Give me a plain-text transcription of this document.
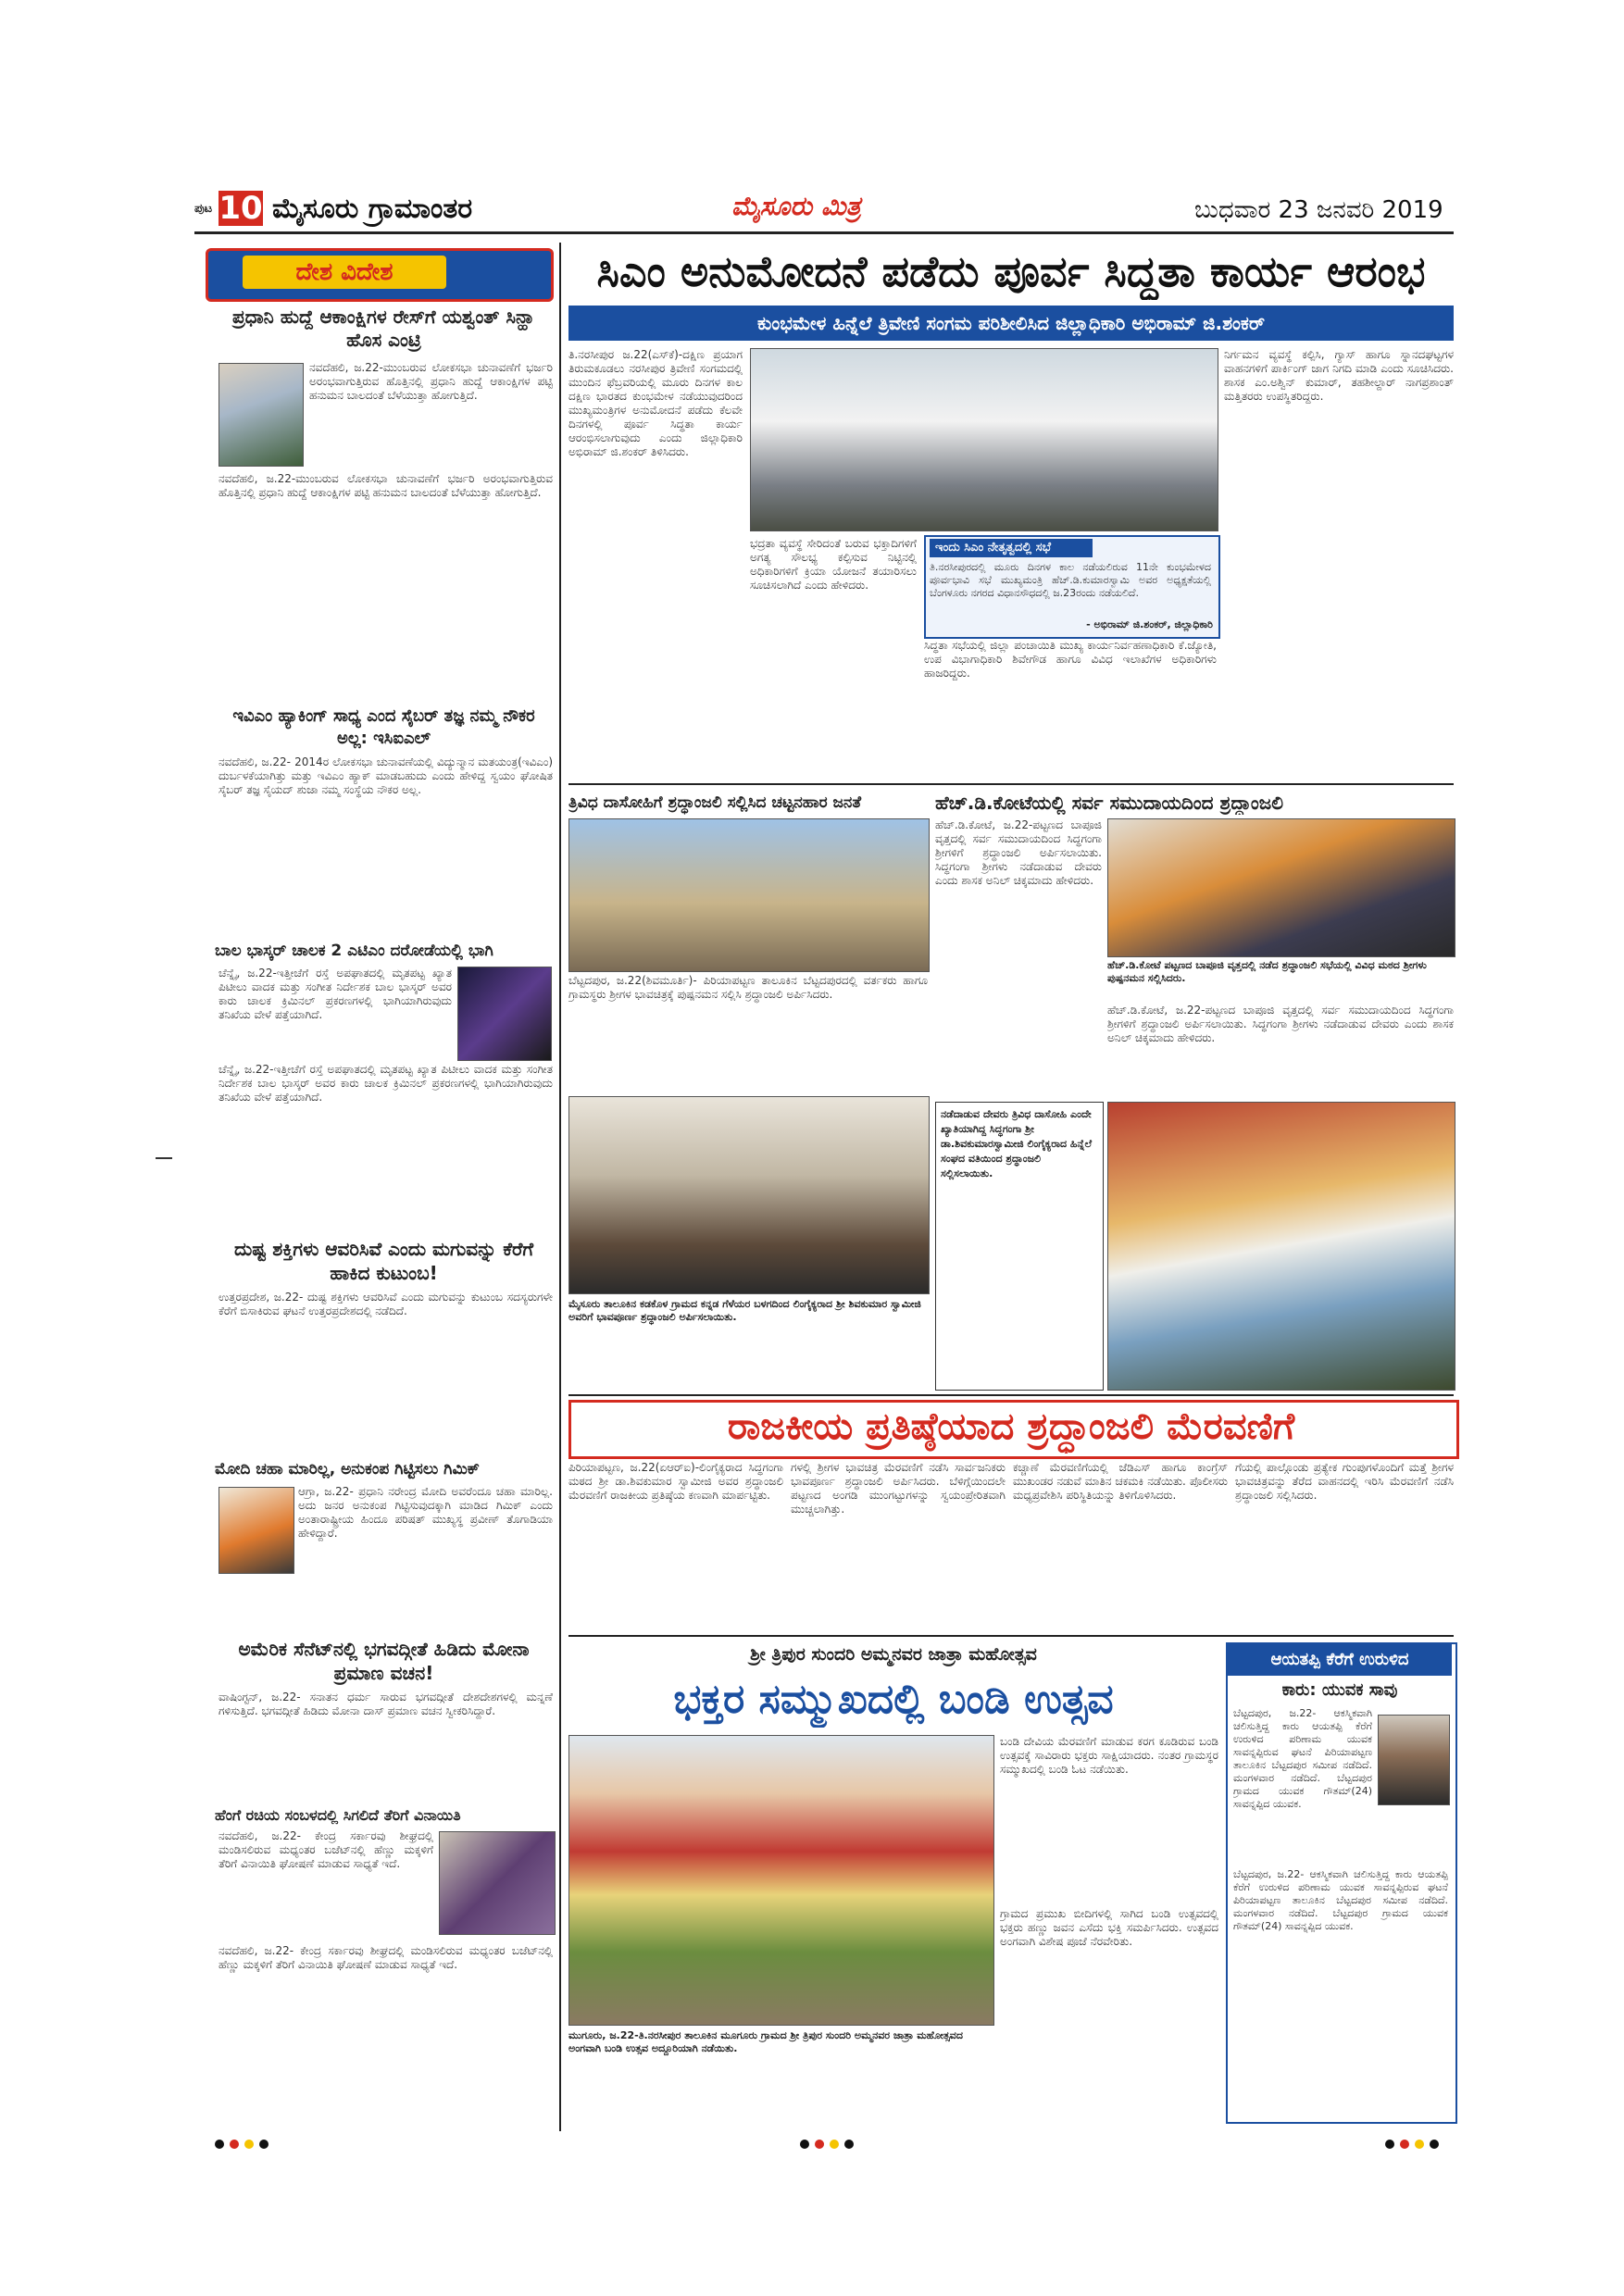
ಪುಟ 10 ಮೈಸೂರು ಗ್ರಾಮಾಂತರ	ಮೈಸೂರು ಮಿತ್ರ	ಬುಧವಾರ 23 ಜನವರಿ 2019
ದೇಶ ವಿದೇಶ
ಪ್ರಧಾನಿ ಹುದ್ದೆ ಆಕಾಂಕ್ಷಿಗಳ ರೇಸ್‌ಗೆ ಯಶ್ವಂತ್ ಸಿನ್ಹಾ ಹೊಸ ಎಂಟ್ರಿ
ನವದೆಹಲಿ, ಜ.22-ಮುಂಬರುವ ಲೋಕಸಭಾ ಚುನಾವಣೆಗೆ ಭರ್ಜರಿ ಅರಂಭವಾಗುತ್ತಿರುವ ಹೊತ್ತಿನಲ್ಲಿ ಪ್ರಧಾನಿ ಹುದ್ದೆ ಆಕಾಂಕ್ಷಿಗಳ ಪಟ್ಟಿ ಹನುಮನ ಬಾಲದಂತೆ ಬೆಳೆಯುತ್ತಾ ಹೋಗುತ್ತಿದೆ.
ನವದೆಹಲಿ, ಜ.22-ಮುಂಬರುವ ಲೋಕಸಭಾ ಚುನಾವಣೆಗೆ ಭರ್ಜರಿ ಅರಂಭವಾಗುತ್ತಿರುವ ಹೊತ್ತಿನಲ್ಲಿ ಪ್ರಧಾನಿ ಹುದ್ದೆ ಆಕಾಂಕ್ಷಿಗಳ ಪಟ್ಟಿ ಹನುಮನ ಬಾಲದಂತೆ ಬೆಳೆಯುತ್ತಾ ಹೋಗುತ್ತಿದೆ.
ಇವಿಎಂ ಹ್ಯಾಕಿಂಗ್ ಸಾಧ್ಯ ಎಂದ ಸೈಬರ್ ತಜ್ಞ ನಮ್ಮ ನೌಕರ ಅಲ್ಲ: ಇಸಿಐಎಲ್
ನವದೆಹಲಿ, ಜ.22- 2014ರ ಲೋಕಸಭಾ ಚುನಾವಣೆಯಲ್ಲಿ ವಿದ್ಯುನ್ಮಾನ ಮತಯಂತ್ರ(ಇವಿಎಂ) ದುರ್ಬಳಕೆಯಾಗಿತ್ತು ಮತ್ತು ಇವಿಎಂ ಹ್ಯಾಕ್ ಮಾಡಬಹುದು ಎಂದು ಹೇಳಿದ್ದ ಸ್ವಯಂ ಘೋಷಿತ ಸೈಬರ್ ತಜ್ಞ ಸೈಯದ್ ಶುಜಾ ನಮ್ಮ ಸಂಸ್ಥೆಯ ನೌಕರ ಅಲ್ಲ.
ಬಾಲ ಭಾಸ್ಕರ್ ಚಾಲಕ 2 ಎಟಿಎಂ ದರೋಡೆಯಲ್ಲಿ ಭಾಗಿ
ಚೆನ್ನೈ, ಜ.22-ಇತ್ತೀಚೆಗೆ ರಸ್ತೆ ಅಪಘಾತದಲ್ಲಿ ಮೃತಪಟ್ಟ ಖ್ಯಾತ ಪಿಟೀಲು ವಾದಕ ಮತ್ತು ಸಂಗೀತ ನಿರ್ದೇಶಕ ಬಾಲ ಭಾಸ್ಕರ್ ಅವರ ಕಾರು ಚಾಲಕ ಕ್ರಿಮಿನಲ್ ಪ್ರಕರಣಗಳಲ್ಲಿ ಭಾಗಿಯಾಗಿರುವುದು ತನಿಖೆಯ ವೇಳೆ ಪತ್ತೆಯಾಗಿದೆ.
ಚೆನ್ನೈ, ಜ.22-ಇತ್ತೀಚೆಗೆ ರಸ್ತೆ ಅಪಘಾತದಲ್ಲಿ ಮೃತಪಟ್ಟ ಖ್ಯಾತ ಪಿಟೀಲು ವಾದಕ ಮತ್ತು ಸಂಗೀತ ನಿರ್ದೇಶಕ ಬಾಲ ಭಾಸ್ಕರ್ ಅವರ ಕಾರು ಚಾಲಕ ಕ್ರಿಮಿನಲ್ ಪ್ರಕರಣಗಳಲ್ಲಿ ಭಾಗಿಯಾಗಿರುವುದು ತನಿಖೆಯ ವೇಳೆ ಪತ್ತೆಯಾಗಿದೆ.
ದುಷ್ಟ ಶಕ್ತಿಗಳು ಆವರಿಸಿವೆ ಎಂದು ಮಗುವನ್ನು ಕೆರೆಗೆ ಹಾಕಿದ ಕುಟುಂಬ!
ಉತ್ತರಪ್ರದೇಶ, ಜ.22- ದುಷ್ಟ ಶಕ್ತಿಗಳು ಆವರಿಸಿವೆ ಎಂದು ಮಗುವನ್ನು ಕುಟುಂಬ ಸದಸ್ಯರುಗಳೇ ಕೆರೆಗೆ ಬಿಸಾಕಿರುವ ಘಟನೆ ಉತ್ತರಪ್ರದೇಶದಲ್ಲಿ ನಡೆದಿದೆ.
ಮೋದಿ ಚಹಾ ಮಾರಿಲ್ಲ, ಅನುಕಂಪ ಗಿಟ್ಟಿಸಲು ಗಿಮಿಕ್
ಆಗ್ರಾ, ಜ.22- ಪ್ರಧಾನಿ ನರೇಂದ್ರ ಮೋದಿ ಅವರೆಂದೂ ಚಹಾ ಮಾರಿಲ್ಲ. ಅದು ಜನರ ಅನುಕಂಪ ಗಿಟ್ಟಿಸುವುದಕ್ಕಾಗಿ ಮಾಡಿದ ಗಿಮಿಕ್ ಎಂದು ಅಂತಾರಾಷ್ಟ್ರೀಯ ಹಿಂದೂ ಪರಿಷತ್ ಮುಖ್ಯಸ್ಥ ಪ್ರವೀಣ್ ತೊಗಾಡಿಯಾ ಹೇಳಿದ್ದಾರೆ.
ಅಮೆರಿಕ ಸೆನೆಟ್‌ನಲ್ಲಿ ಭಗವದ್ಗೀತೆ ಹಿಡಿದು ಮೋನಾ ಪ್ರಮಾಣ ವಚನ!
ವಾಷಿಂಗ್ಟನ್, ಜ.22- ಸನಾತನ ಧರ್ಮ ಸಾರುವ ಭಗವದ್ಗೀತೆ ದೇಶದೇಶಗಳಲ್ಲಿ ಮನ್ನಣೆ ಗಳಿಸುತ್ತಿದೆ. ಭಗವದ್ಗೀತೆ ಹಿಡಿದು ಮೋನಾ ದಾಸ್ ಪ್ರಮಾಣ ವಚನ ಸ್ವೀಕರಿಸಿದ್ದಾರೆ.
ಹೆಂಗೆ ರಚಿಯ ಸಂಬಳದಲ್ಲಿ ಸಿಗಲಿದೆ ತೆರಿಗೆ ವಿನಾಯಿತಿ
ನವದೆಹಲಿ, ಜ.22- ಕೇಂದ್ರ ಸರ್ಕಾರವು ಶೀಘ್ರದಲ್ಲಿ ಮಂಡಿಸಲಿರುವ ಮಧ್ಯಂತರ ಬಜೆಟ್‌ನಲ್ಲಿ ಹೆಣ್ಣು ಮಕ್ಕಳಿಗೆ ತೆರಿಗೆ ವಿನಾಯಿತಿ ಘೋಷಣೆ ಮಾಡುವ ಸಾಧ್ಯತೆ ಇದೆ.
ನವದೆಹಲಿ, ಜ.22- ಕೇಂದ್ರ ಸರ್ಕಾರವು ಶೀಘ್ರದಲ್ಲಿ ಮಂಡಿಸಲಿರುವ ಮಧ್ಯಂತರ ಬಜೆಟ್‌ನಲ್ಲಿ ಹೆಣ್ಣು ಮಕ್ಕಳಿಗೆ ತೆರಿಗೆ ವಿನಾಯಿತಿ ಘೋಷಣೆ ಮಾಡುವ ಸಾಧ್ಯತೆ ಇದೆ.
ಸಿಎಂ ಅನುಮೋದನೆ ಪಡೆದು ಪೂರ್ವ ಸಿದ್ಧತಾ ಕಾರ್ಯ ಆರಂಭ
ಕುಂಭಮೇಳ ಹಿನ್ನೆಲೆ ತ್ರಿವೇಣಿ ಸಂಗಮ ಪರಿಶೀಲಿಸಿದ ಜಿಲ್ಲಾಧಿಕಾರಿ ಅಭಿರಾಮ್ ಜಿ.ಶಂಕರ್
ತಿ.ನರಸೀಪುರ ಜ.22(ಎಸ್‌ಕೆ)-ದಕ್ಷಿಣ ಪ್ರಯಾಗ ತಿರುಮಕೂಡಲು ನರಸೀಪುರ ತ್ರಿವೇಣಿ ಸಂಗಮದಲ್ಲಿ ಮುಂದಿನ ಫೆಬ್ರವರಿಯಲ್ಲಿ ಮೂರು ದಿನಗಳ ಕಾಲ ದಕ್ಷಿಣ ಭಾರತದ ಕುಂಭಮೇಳ ನಡೆಯುವುದರಿಂದ ಮುಖ್ಯಮಂತ್ರಿಗಳ ಅನುಮೋದನೆ ಪಡೆದು ಕೆಲವೇ ದಿನಗಳಲ್ಲಿ ಪೂರ್ವ ಸಿದ್ಧತಾ ಕಾರ್ಯ ಆರಂಭಿಸಲಾಗುವುದು ಎಂದು ಜಿಲ್ಲಾಧಿಕಾರಿ ಅಭಿರಾಮ್ ಜಿ.ಶಂಕರ್ ತಿಳಿಸಿದರು.
ಭದ್ರತಾ ವ್ಯವಸ್ಥೆ ಸೇರಿದಂತೆ ಬರುವ ಭಕ್ತಾದಿಗಳಿಗೆ ಅಗತ್ಯ ಸೌಲಭ್ಯ ಕಲ್ಪಿಸುವ ನಿಟ್ಟಿನಲ್ಲಿ ಅಧಿಕಾರಿಗಳಿಗೆ ಕ್ರಿಯಾ ಯೋಜನೆ ತಯಾರಿಸಲು ಸೂಚಿಸಲಾಗಿದೆ ಎಂದು ಹೇಳಿದರು.
ಸಿದ್ಧತಾ ಸಭೆಯಲ್ಲಿ ಜಿಲ್ಲಾ ಪಂಚಾಯಿತಿ ಮುಖ್ಯ ಕಾರ್ಯನಿರ್ವಹಣಾಧಿಕಾರಿ ಕೆ.ಜ್ಯೋತಿ, ಉಪ ವಿಭಾಗಾಧಿಕಾರಿ ಶಿವೇಗೌಡ ಹಾಗೂ ವಿವಿಧ ಇಲಾಖೆಗಳ ಅಧಿಕಾರಿಗಳು ಹಾಜರಿದ್ದರು.
ಇಂದು ಸಿಎಂ ನೇತೃತ್ವದಲ್ಲಿ ಸಭೆ
ತಿ.ನರಸೀಪುರದಲ್ಲಿ ಮೂರು ದಿನಗಳ ಕಾಲ ನಡೆಯಲಿರುವ 11ನೇ ಕುಂಭಮೇಳದ ಪೂರ್ವಭಾವಿ ಸಭೆ ಮುಖ್ಯಮಂತ್ರಿ ಹೆಚ್.ಡಿ.ಕುಮಾರಸ್ವಾಮಿ ಅವರ ಅಧ್ಯಕ್ಷತೆಯಲ್ಲಿ ಬೆಂಗಳೂರು ನಗರದ ವಿಧಾನಸೌಧದಲ್ಲಿ ಜ.23ರಂದು ನಡೆಯಲಿದೆ.
- ಅಭಿರಾಮ್ ಜಿ.ಶಂಕರ್, ಜಿಲ್ಲಾಧಿಕಾರಿ
ನಿರ್ಗಮನ ವ್ಯವಸ್ಥೆ ಕಲ್ಪಿಸಿ, ಗ್ಯಾಸ್‌ ಹಾಗೂ ಸ್ನಾನದಘಟ್ಟಗಳ ವಾಹನಗಳಿಗೆ ಪಾರ್ಕಿಂಗ್ ಜಾಗ ನಿಗದಿ ಮಾಡಿ ಎಂದು ಸೂಚಿಸಿದರು. ಶಾಸಕ ಎಂ.ಅಶ್ವಿನ್ ಕುಮಾರ್, ತಹಶೀಲ್ದಾರ್ ನಾಗಪ್ರಶಾಂತ್ ಮತ್ತಿತರರು ಉಪಸ್ಥಿತರಿದ್ದರು.
ತ್ರಿವಿಧ ದಾಸೋಹಿಗೆ ಶ್ರದ್ಧಾಂಜಲಿ ಸಲ್ಲಿಸಿದ ಚಟ್ಟನಹಾರ ಜನತೆ
ಬೆಟ್ಟದಪುರ, ಜ.22(ಶಿವಮೂರ್ತಿ)- ಪಿರಿಯಾಪಟ್ಟಣ ತಾಲೂಕಿನ ಬೆಟ್ಟದಪುರದಲ್ಲಿ ವರ್ತಕರು ಹಾಗೂ ಗ್ರಾಮಸ್ಥರು ಶ್ರೀಗಳ ಭಾವಚಿತ್ರಕ್ಕೆ ಪುಷ್ಪನಮನ ಸಲ್ಲಿಸಿ ಶ್ರದ್ಧಾಂಜಲಿ ಅರ್ಪಿಸಿದರು.
ಮೈಸೂರು ತಾಲೂಕಿನ ಕಡಕೊಳ ಗ್ರಾಮದ ಕನ್ನಡ ಗೆಳೆಯರ ಬಳಗದಿಂದ ಲಿಂಗೈಕ್ಯರಾದ ಶ್ರೀ ಶಿವಕುಮಾರ ಸ್ವಾಮೀಜಿ ಅವರಿಗೆ ಭಾವಪೂರ್ಣ ಶ್ರದ್ಧಾಂಜಲಿ ಅರ್ಪಿಸಲಾಯಿತು.
ಹೆಚ್.ಡಿ.ಕೋಟೆಯಲ್ಲಿ ಸರ್ವ ಸಮುದಾಯದಿಂದ ಶ್ರದ್ಧಾಂಜಲಿ
ಹೆಚ್.ಡಿ.ಕೋಟೆ, ಜ.22-ಪಟ್ಟಣದ ಬಾಪೂಜಿ ವೃತ್ತದಲ್ಲಿ ಸರ್ವ ಸಮುದಾಯದಿಂದ ಸಿದ್ಧಗಂಗಾ ಶ್ರೀಗಳಿಗೆ ಶ್ರದ್ಧಾಂಜಲಿ ಅರ್ಪಿಸಲಾಯಿತು. ಸಿದ್ಧಗಂಗಾ ಶ್ರೀಗಳು ನಡೆದಾಡುವ ದೇವರು ಎಂದು ಶಾಸಕ ಅನಿಲ್ ಚಿಕ್ಕಮಾದು ಹೇಳಿದರು.
ಹೆಚ್.ಡಿ.ಕೋಟೆ ಪಟ್ಟಣದ ಬಾಪೂಜಿ ವೃತ್ತದಲ್ಲಿ ನಡೆದ ಶ್ರದ್ಧಾಂಜಲಿ ಸಭೆಯಲ್ಲಿ ವಿವಿಧ ಮಠದ ಶ್ರೀಗಳು ಪುಷ್ಪನಮನ ಸಲ್ಲಿಸಿದರು.
ಹೆಚ್.ಡಿ.ಕೋಟೆ, ಜ.22-ಪಟ್ಟಣದ ಬಾಪೂಜಿ ವೃತ್ತದಲ್ಲಿ ಸರ್ವ ಸಮುದಾಯದಿಂದ ಸಿದ್ಧಗಂಗಾ ಶ್ರೀಗಳಿಗೆ ಶ್ರದ್ಧಾಂಜಲಿ ಅರ್ಪಿಸಲಾಯಿತು. ಸಿದ್ಧಗಂಗಾ ಶ್ರೀಗಳು ನಡೆದಾಡುವ ದೇವರು ಎಂದು ಶಾಸಕ ಅನಿಲ್ ಚಿಕ್ಕಮಾದು ಹೇಳಿದರು.
ನಡೆದಾಡುವ ದೇವರು ತ್ರಿವಿಧ ದಾಸೋಹಿ ಎಂದೇ ಖ್ಯಾತಿಯಾಗಿದ್ದ ಸಿದ್ಧಗಂಗಾ ಶ್ರೀ ಡಾ.ಶಿವಕುಮಾರಸ್ವಾಮೀಜಿ ಲಿಂಗೈಕ್ಯರಾದ ಹಿನ್ನೆಲೆ ಸಂಘದ ವತಿಯಿಂದ ಶ್ರದ್ಧಾಂಜಲಿ ಸಲ್ಲಿಸಲಾಯಿತು.
ರಾಜಕೀಯ ಪ್ರತಿಷ್ಠೆಯಾದ ಶ್ರದ್ಧಾಂಜಲಿ ಮೆರವಣಿಗೆ
ಪಿರಿಯಾಪಟ್ಟಣ, ಜ.22(ಏಆರ್‌ಐ)-ಲಿಂಗೈಕ್ಯರಾದ ಸಿದ್ಧಗಂಗಾ ಮಠದ ಶ್ರೀ ಡಾ.ಶಿವಕುಮಾರ ಸ್ವಾಮೀಜಿ ಅವರ ಶ್ರದ್ಧಾಂಜಲಿ ಮೆರವಣಿಗೆ ರಾಜಕೀಯ ಪ್ರತಿಷ್ಠೆಯ ಕಣವಾಗಿ ಮಾರ್ಪಟ್ಟಿತು.
ಗಳಲ್ಲಿ ಶ್ರೀಗಳ ಭಾವಚಿತ್ರ ಮೆರವಣಿಗೆ ನಡೆಸಿ ಸಾರ್ವಜನಿಕರು ಭಾವಪೂರ್ಣ ಶ್ರದ್ಧಾಂಜಲಿ ಅರ್ಪಿಸಿದರು. ಬೆಳಿಗ್ಗೆಯಿಂದಲೇ ಪಟ್ಟಣದ ಅಂಗಡಿ ಮುಂಗಟ್ಟುಗಳನ್ನು ಸ್ವಯಂಪ್ರೇರಿತವಾಗಿ ಮುಚ್ಚಲಾಗಿತ್ತು.
ಕಚ್ಚಾಣೆ ಮೆರವಣಿಗೆಯಲ್ಲಿ ಜೆಡಿಎಸ್ ಹಾಗೂ ಕಾಂಗ್ರೆಸ್ ಮುಖಂಡರ ನಡುವೆ ಮಾತಿನ ಚಕಮಕಿ ನಡೆಯಿತು. ಪೊಲೀಸರು ಮಧ್ಯಪ್ರವೇಶಿಸಿ ಪರಿಸ್ಥಿತಿಯನ್ನು ತಿಳಿಗೊಳಿಸಿದರು.
ಗೆಯಲ್ಲಿ ಪಾಲ್ಗೊಂಡು ಪ್ರತ್ಯೇಕ ಗುಂಪುಗಳೊಂದಿಗೆ ಮತ್ತೆ ಶ್ರೀಗಳ ಭಾವಚಿತ್ರವನ್ನು ತೆರೆದ ವಾಹನದಲ್ಲಿ ಇರಿಸಿ ಮೆರವಣಿಗೆ ನಡೆಸಿ ಶ್ರದ್ಧಾಂಜಲಿ ಸಲ್ಲಿಸಿದರು.
ಶ್ರೀ ತ್ರಿಪುರ ಸುಂದರಿ ಅಮ್ಮನವರ ಜಾತ್ರಾ ಮಹೋತ್ಸವ
ಭಕ್ತರ ಸಮ್ಮುಖದಲ್ಲಿ ಬಂಡಿ ಉತ್ಸವ
ಮುಗೂರು, ಜ.22-ತಿ.ನರಸೀಪುರ ತಾಲೂಕಿನ ಮೂಗೂರು ಗ್ರಾಮದ ಶ್ರೀ ತ್ರಿಪುರ ಸುಂದರಿ ಅಮ್ಮನವರ ಜಾತ್ರಾ ಮಹೋತ್ಸವದ ಅಂಗವಾಗಿ ಬಂಡಿ ಉತ್ಸವ ಅದ್ದೂರಿಯಾಗಿ ನಡೆಯಿತು.
ಬಂಡಿ ದೇವಿಯ ಮೆರವಣಿಗೆ ಮಾಡುವ ಕರಗ ಕೂಡಿರುವ ಬಂಡಿ ಉತ್ಸವಕ್ಕೆ ಸಾವಿರಾರು ಭಕ್ತರು ಸಾಕ್ಷಿಯಾದರು. ನಂತರ ಗ್ರಾಮಸ್ಥರ ಸಮ್ಮುಖದಲ್ಲಿ ಬಂಡಿ ಓಟ ನಡೆಯಿತು.
ಗ್ರಾಮದ ಪ್ರಮುಖ ಬೀದಿಗಳಲ್ಲಿ ಸಾಗಿದ ಬಂಡಿ ಉತ್ಸವದಲ್ಲಿ ಭಕ್ತರು ಹಣ್ಣು ಜವನ ಎಸೆದು ಭಕ್ತಿ ಸಮರ್ಪಿಸಿದರು. ಉತ್ಸವದ ಅಂಗವಾಗಿ ವಿಶೇಷ ಪೂಜೆ ನೆರವೇರಿತು.
ಆಯತಪ್ಪಿ ಕೆರೆಗೆ ಉರುಳಿದ
ಕಾರು: ಯುವಕ ಸಾವು
ಬೆಟ್ಟದಪುರ, ಜ.22- ಆಕಸ್ಮಿಕವಾಗಿ ಚಲಿಸುತ್ತಿದ್ದ ಕಾರು ಆಯತಪ್ಪಿ ಕೆರೆಗೆ ಉರುಳಿದ ಪರಿಣಾಮ ಯುವಕ ಸಾವನ್ನಪ್ಪಿರುವ ಘಟನೆ ಪಿರಿಯಾಪಟ್ಟಣ ತಾಲೂಕಿನ ಬೆಟ್ಟದಪುರ ಸಮೀಪ ನಡೆದಿದೆ. ಮಂಗಳವಾರ ನಡೆದಿದೆ. ಬೆಟ್ಟದಪುರ ಗ್ರಾಮದ ಯುವಕ ಗೌತಮ್(24) ಸಾವನ್ನಪ್ಪಿದ ಯುವಕ.
ಬೆಟ್ಟದಪುರ, ಜ.22- ಆಕಸ್ಮಿಕವಾಗಿ ಚಲಿಸುತ್ತಿದ್ದ ಕಾರು ಆಯತಪ್ಪಿ ಕೆರೆಗೆ ಉರುಳಿದ ಪರಿಣಾಮ ಯುವಕ ಸಾವನ್ನಪ್ಪಿರುವ ಘಟನೆ ಪಿರಿಯಾಪಟ್ಟಣ ತಾಲೂಕಿನ ಬೆಟ್ಟದಪುರ ಸಮೀಪ ನಡೆದಿದೆ. ಮಂಗಳವಾರ ನಡೆದಿದೆ. ಬೆಟ್ಟದಪುರ ಗ್ರಾಮದ ಯುವಕ ಗೌತಮ್(24) ಸಾವನ್ನಪ್ಪಿದ ಯುವಕ.
